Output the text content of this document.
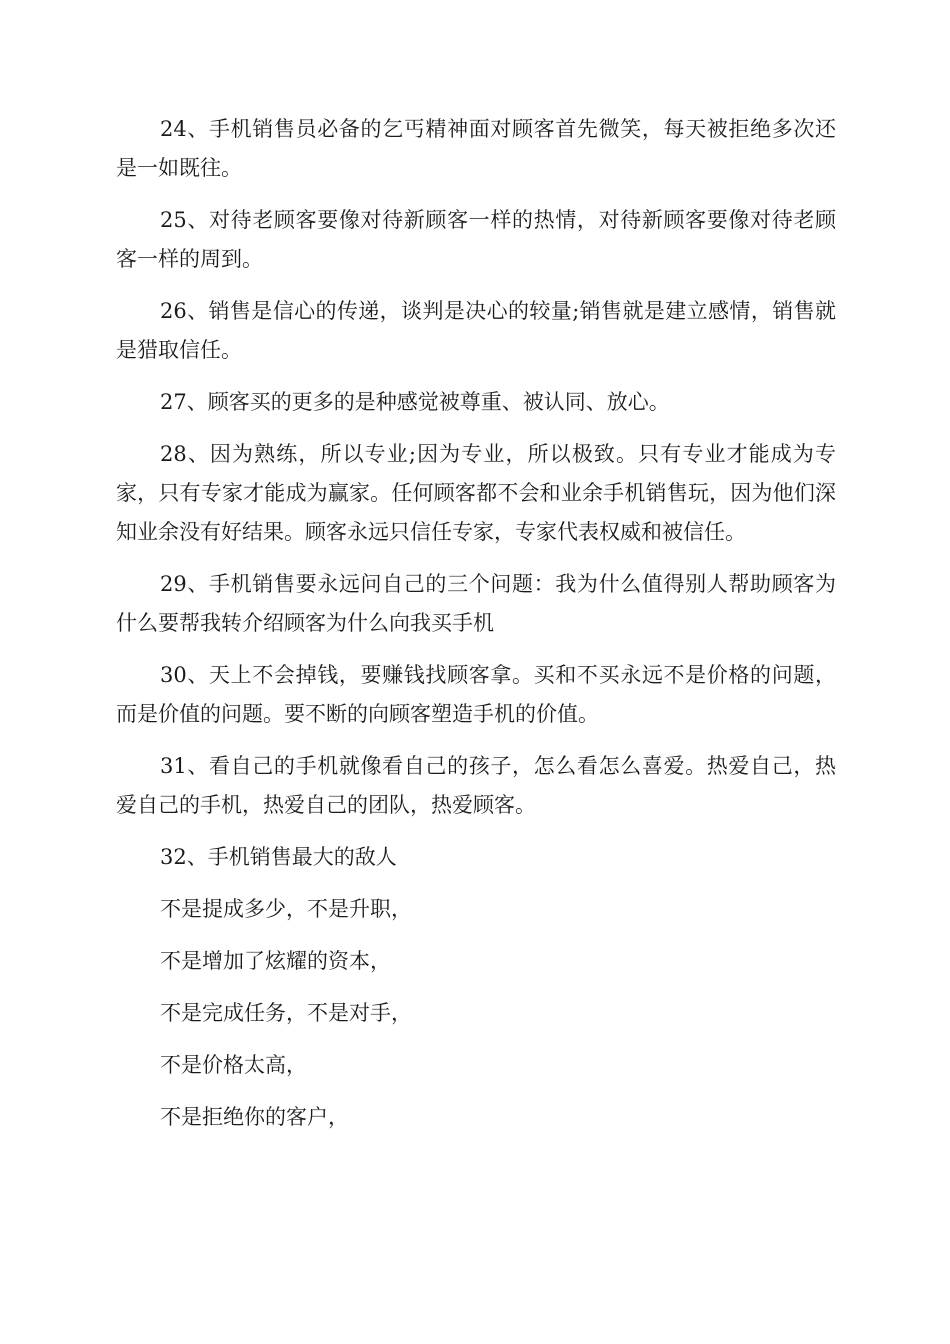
24、手机销售员必备的乞丐精神面对顾客首先微笑，每天被拒绝多次还是一如既往。

25、对待老顾客要像对待新顾客一样的热情，对待新顾客要像对待老顾客一样的周到。

26、销售是信心的传递，谈判是决心的较量;销售就是建立感情，销售就是猎取信任。

27、顾客买的更多的是种感觉被尊重、被认同、放心。

28、因为熟练，所以专业;因为专业，所以极致。只有专业才能成为专家，只有专家才能成为赢家。任何顾客都不会和业余手机销售玩，因为他们深知业余没有好结果。顾客永远只信任专家，专家代表权威和被信任。

29、手机销售要永远问自己的三个问题：我为什么值得别人帮助顾客为什么要帮我转介绍顾客为什么向我买手机

30、天上不会掉钱，要赚钱找顾客拿。买和不买永远不是价格的问题，而是价值的问题。要不断的向顾客塑造手机的价值。

31、看自己的手机就像看自己的孩子，怎么看怎么喜爱。热爱自己，热爱自己的手机，热爱自己的团队，热爱顾客。

32、手机销售最大的敌人

不是提成多少，不是升职，

不是增加了炫耀的资本，

不是完成任务，不是对手，

不是价格太高，

不是拒绝你的客户，
